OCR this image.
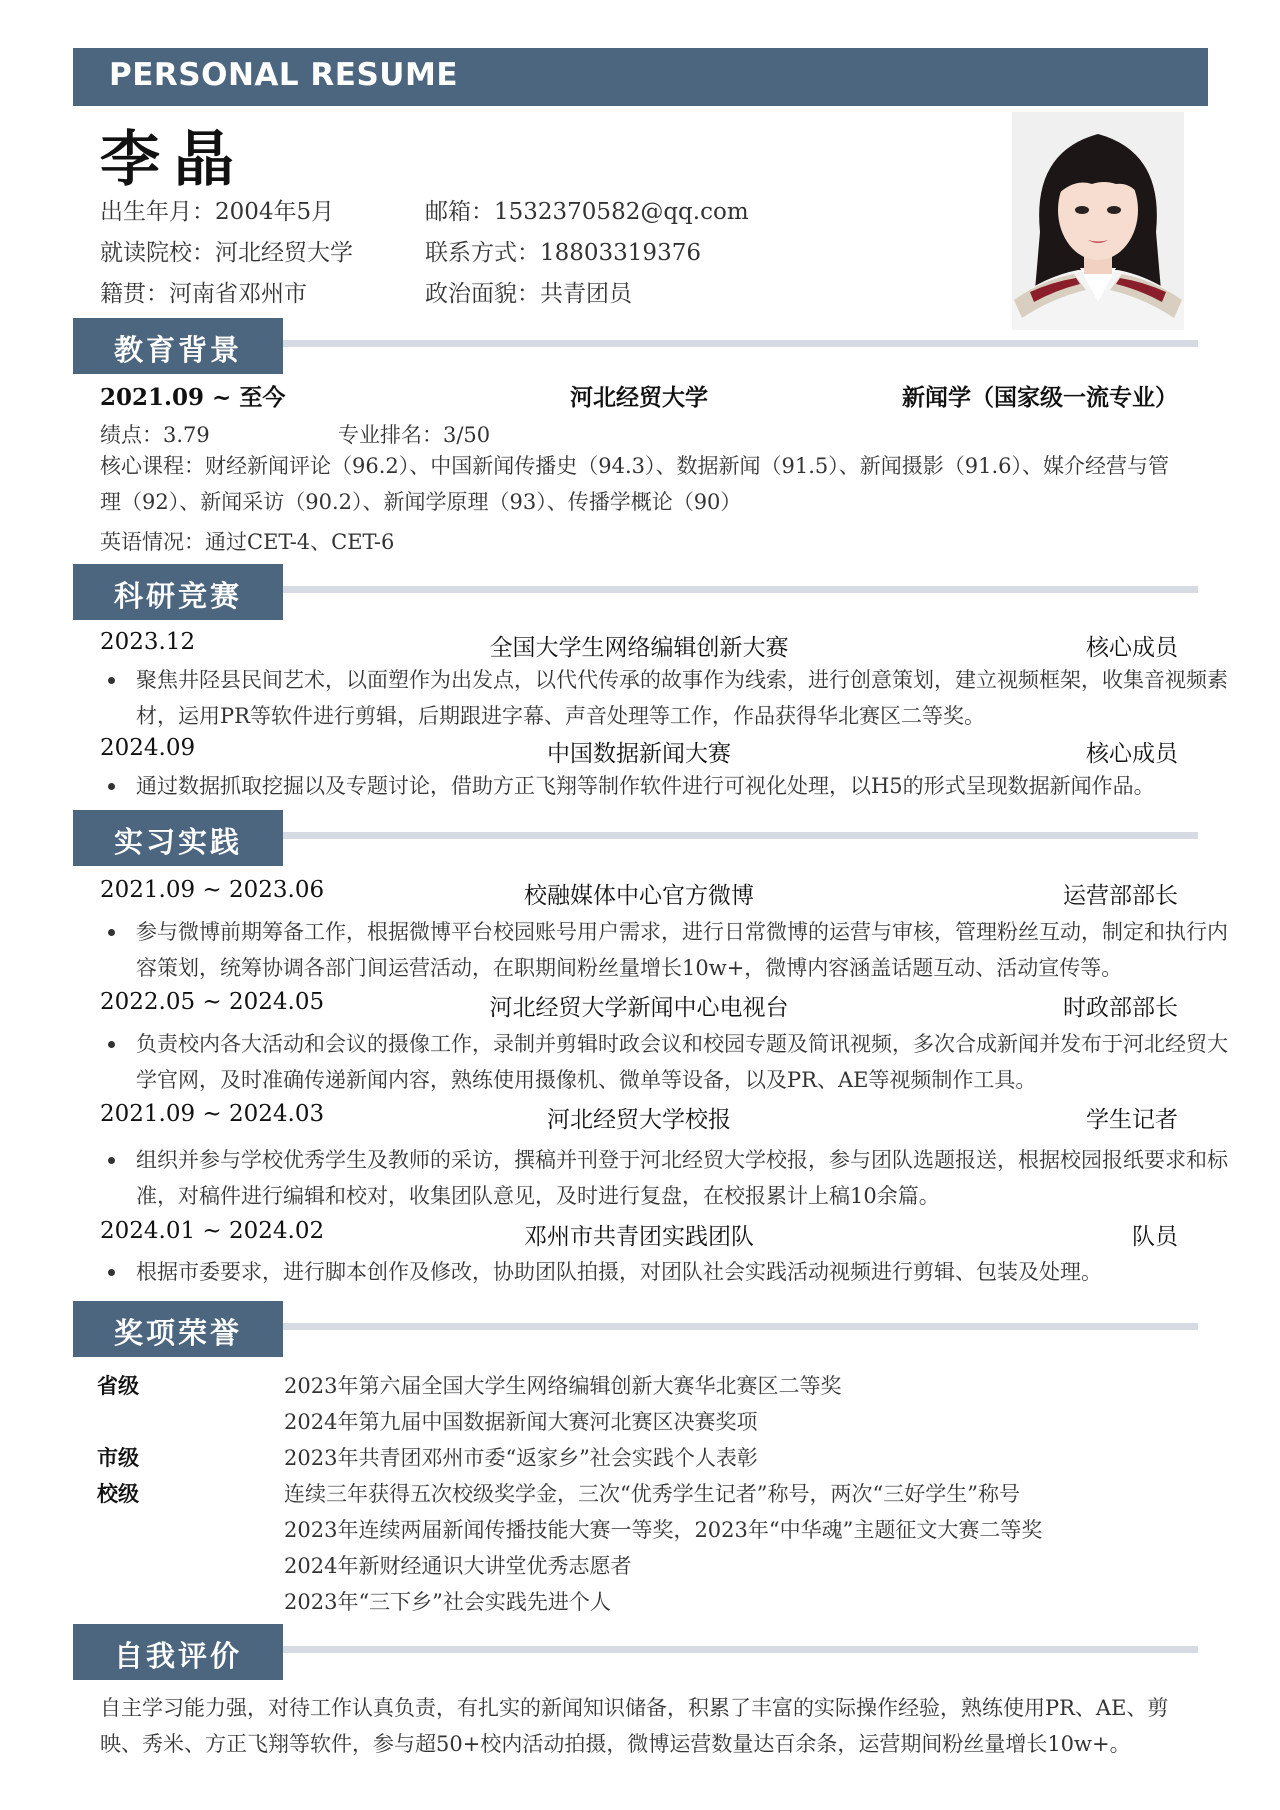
PERSONAL RESUME
李晶
出生年月：2004年5月	邮箱：1532370582@qq.com
就读院校：河北经贸大学	联系方式：18803319376
籍贯：河南省邓州市	政治面貌：共青团员
教育背景
2021.09 ~ 至今	河北经贸大学	新闻学（国家级一流专业）
绩点：3.79	专业排名：3/50
核心课程：财经新闻评论（96.2）、中国新闻传播史（94.3）、数据新闻（91.5）、新闻摄影（91.6）、媒介经营与管理（92）、新闻采访（90.2）、新闻学原理（93）、传播学概论（90）
英语情况：通过CET-4、CET-6
科研竞赛
2023.12	全国大学生网络编辑创新大赛	核心成员
聚焦井陉县民间艺术，以面塑作为出发点，以代代传承的故事作为线索，进行创意策划，建立视频框架，收集音视频素材，运用PR等软件进行剪辑，后期跟进字幕、声音处理等工作，作品获得华北赛区二等奖。
2024.09	中国数据新闻大赛	核心成员
通过数据抓取挖掘以及专题讨论，借助方正飞翔等制作软件进行可视化处理，以H5的形式呈现数据新闻作品。
实习实践
2021.09 ~ 2023.06	校融媒体中心官方微博	运营部部长
参与微博前期筹备工作，根据微博平台校园账号用户需求，进行日常微博的运营与审核，管理粉丝互动，制定和执行内容策划，统筹协调各部门间运营活动，在职期间粉丝量增长10w+，微博内容涵盖话题互动、活动宣传等。
2022.05 ~ 2024.05	河北经贸大学新闻中心电视台	时政部部长
负责校内各大活动和会议的摄像工作，录制并剪辑时政会议和校园专题及简讯视频，多次合成新闻并发布于河北经贸大学官网，及时准确传递新闻内容，熟练使用摄像机、微单等设备，以及PR、AE等视频制作工具。
2021.09 ~ 2024.03	河北经贸大学校报	学生记者
组织并参与学校优秀学生及教师的采访，撰稿并刊登于河北经贸大学校报，参与团队选题报送，根据校园报纸要求和标准，对稿件进行编辑和校对，收集团队意见，及时进行复盘，在校报累计上稿10余篇。
2024.01 ~ 2024.02	邓州市共青团实践团队	队员
根据市委要求，进行脚本创作及修改，协助团队拍摄，对团队社会实践活动视频进行剪辑、包装及处理。
奖项荣誉
省级	2023年第六届全国大学生网络编辑创新大赛华北赛区二等奖
2024年第九届中国数据新闻大赛河北赛区决赛奖项
市级	2023年共青团邓州市委“返家乡”社会实践个人表彰
校级	连续三年获得五次校级奖学金，三次“优秀学生记者”称号，两次“三好学生”称号
2023年连续两届新闻传播技能大赛一等奖，2023年“中华魂”主题征文大赛二等奖
2024年新财经通识大讲堂优秀志愿者
2023年“三下乡”社会实践先进个人
自我评价
自主学习能力强，对待工作认真负责，有扎实的新闻知识储备，积累了丰富的实际操作经验，熟练使用PR、AE、剪映、秀米、方正飞翔等软件，参与超50+校内活动拍摄，微博运营数量达百余条，运营期间粉丝量增长10w+。
